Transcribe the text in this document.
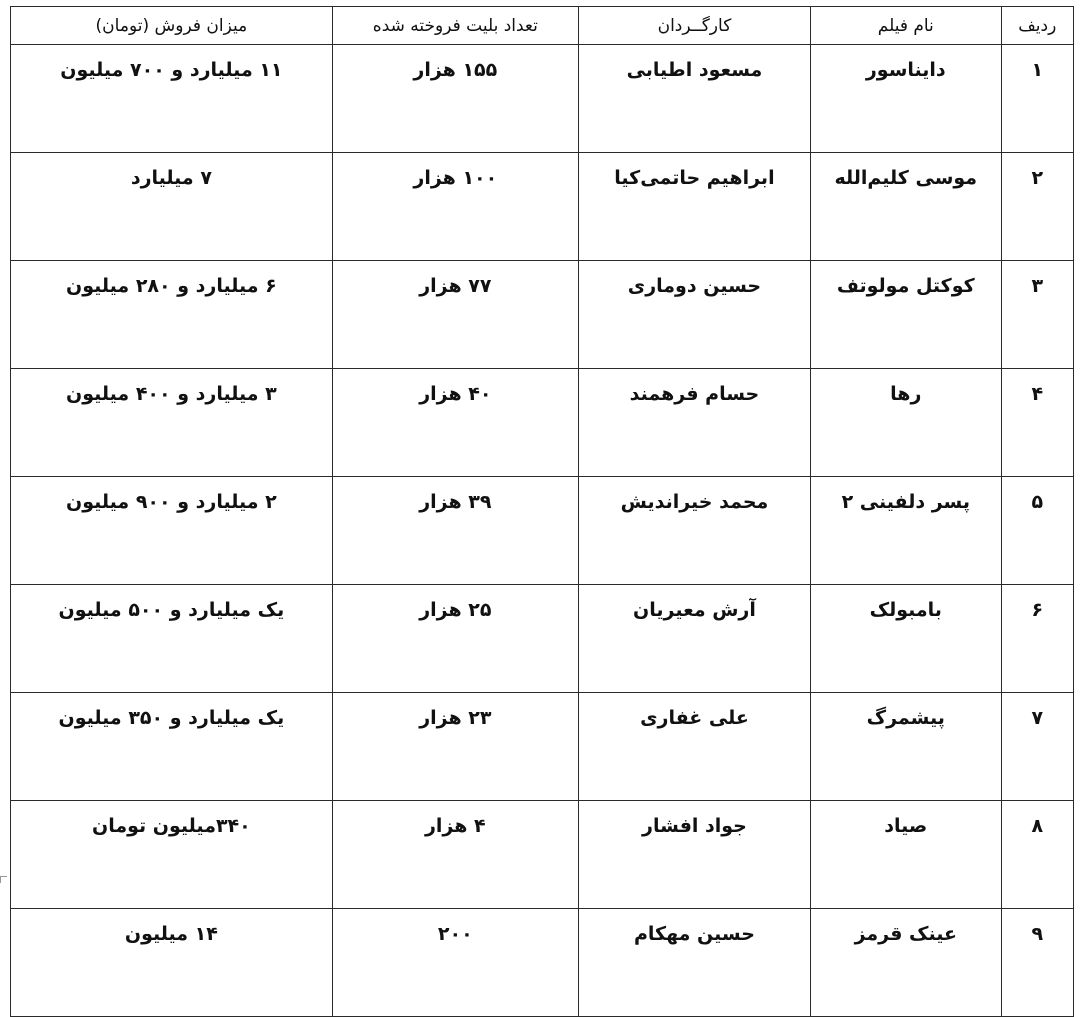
ردیف	نام فیلم	کارگــردان	تعداد بلیت فروخته شده	میزان فروش (تومان)
۱	دایناسور	مسعود اطیابی	۱۵۵ هزار	۱۱ میلیارد و ۷۰۰ میلیون
۲	موسی کلیم‌الله	ابراهیم حاتمی‌کیا	۱۰۰ هزار	۷ میلیارد
۳	کوکتل مولوتف	حسین دوماری	۷۷ هزار	۶ میلیارد و ۲۸۰ میلیون
۴	رها	حسام فرهمند	۴۰ هزار	۳ میلیارد و ۴۰۰ میلیون
۵	پسر دلفینی ۲	محمد خیراندیش	۳۹ هزار	۲ میلیارد و ۹۰۰ میلیون
۶	بامبولک	آرش معیریان	۲۵ هزار	یک میلیارد و ۵۰۰ میلیون
۷	پیشمرگ	علی غفاری	۲۳ هزار	یک میلیارد و ۳۵۰ میلیون
۸	صیاد	جواد افشار	۴ هزار	۳۴۰میلیون تومان
۹	عینک قرمز	حسین مهکام	۲۰۰	۱۴ میلیون
